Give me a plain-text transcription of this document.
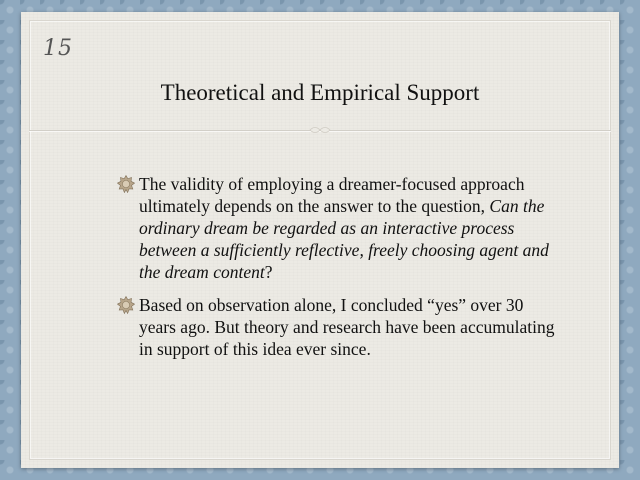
15
Theoretical and Empirical Support
The validity of employing a dreamer-focused approach ultimately depends on the answer to the question, Can the ordinary dream be regarded as an interactive process between a sufficiently reflective, freely choosing agent and the dream content?
Based on observation alone, I concluded “yes” over 30 years ago. But theory and research have been accumulating in support of this idea ever since.
